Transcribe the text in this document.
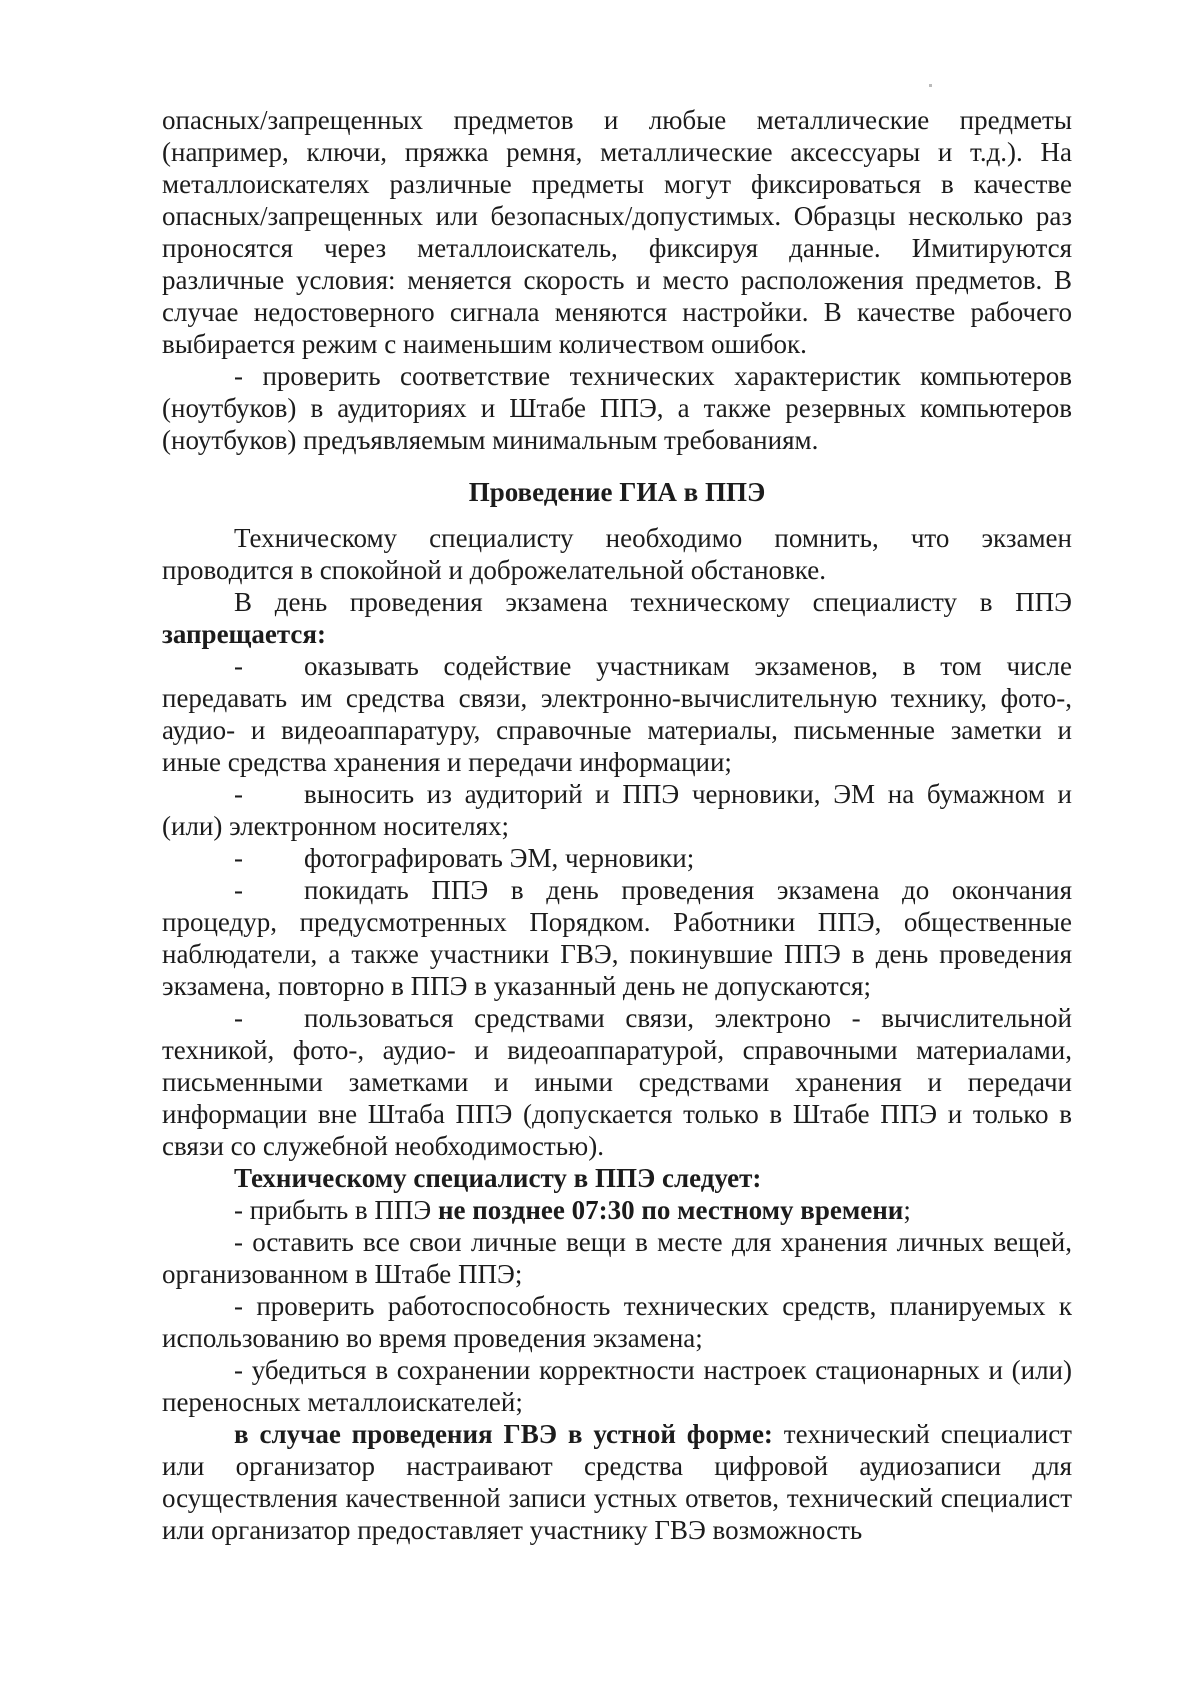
опасных/запрещенных предметов и любые металлические предметы (например, ключи, пряжка ремня, металлические аксессуары и т.д.). На металлоискателях различные предметы могут фиксироваться в качестве опасных/запрещенных или безопасных/допустимых. Образцы несколько раз проносятся через металлоискатель, фиксируя данные. Имитируются различные условия: меняется скорость и место расположения предметов. В случае недостоверного сигнала меняются настройки. В качестве рабочего выбирается режим с наименьшим количеством ошибок.

- проверить соответствие технических характеристик компьютеров (ноутбуков) в аудиториях и Штабе ППЭ, а также резервных компьютеров (ноутбуков) предъявляемым минимальным требованиям.

Проведение ГИА в ППЭ

Техническому специалисту необходимо помнить, что экзамен проводится в спокойной и доброжелательной обстановке.

В день проведения экзамена техническому специалисту в ППЭ запрещается:

- оказывать содействие участникам экзаменов, в том числе передавать им средства связи, электронно-вычислительную технику, фото-, аудио- и видеоаппаратуру, справочные материалы, письменные заметки и иные средства хранения и передачи информации;

- выносить из аудиторий и ППЭ черновики, ЭМ на бумажном и (или) электронном носителях;

- фотографировать ЭМ, черновики;

- покидать ППЭ в день проведения экзамена до окончания процедур, предусмотренных Порядком. Работники ППЭ, общественные наблюдатели, а также участники ГВЭ, покинувшие ППЭ в день проведения экзамена, повторно в ППЭ в указанный день не допускаются;

- пользоваться средствами связи, электроно - вычислительной техникой, фото-, аудио- и видеоаппаратурой, справочными материалами, письменными заметками и иными средствами хранения и передачи информации вне Штаба ППЭ (допускается только в Штабе ППЭ и только в связи со служебной необходимостью).

Техническому специалисту в ППЭ следует:

- прибыть в ППЭ не позднее 07:30 по местному времени;

- оставить все свои личные вещи в месте для хранения личных вещей, организованном в Штабе ППЭ;

- проверить работоспособность технических средств, планируемых к использованию во время проведения экзамена;

- убедиться в сохранении корректности настроек стационарных и (или) переносных металлоискателей;

в случае проведения ГВЭ в устной форме: технический специалист или организатор настраивают средства цифровой аудиозаписи для осуществления качественной записи устных ответов, технический специалист или организатор предоставляет участнику ГВЭ возможность
